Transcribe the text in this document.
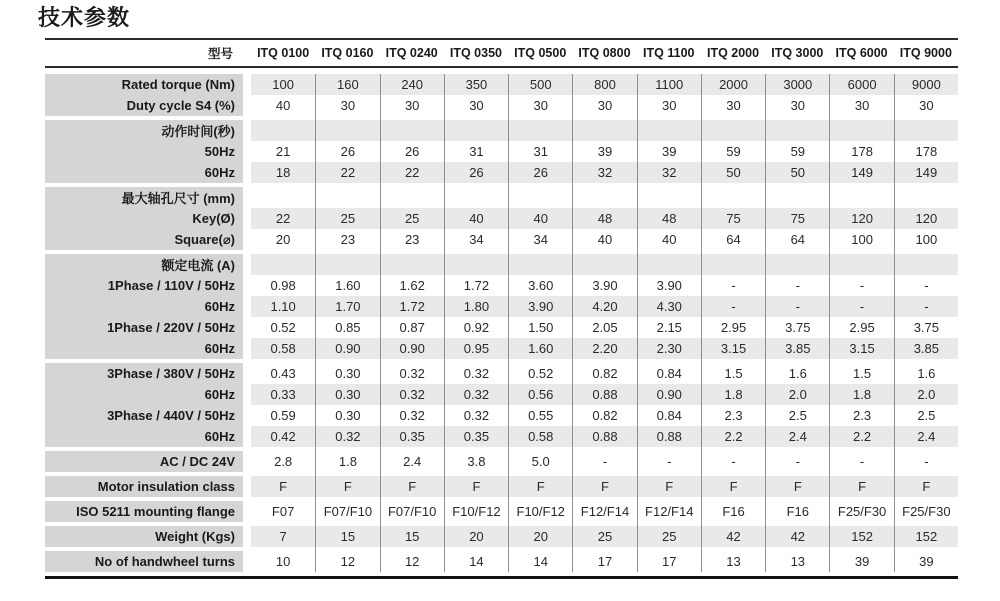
技术参数
型号	ITQ 0100 ITQ 0160 ITQ 0240 ITQ 0350 ITQ 0500 ITQ 0800	ITQ 1100 ITQ 2000 ITQ 3000 ITQ 6000 ITQ 9000
Rated torque (Nm)	100	160	240	350	500	800	1100	2000	3000	6000	9000
Duty cycle S4 (%)	40	30	30	30	30	30	30	30	30	30	30
动作时间(秒)
50Hz	21	26	26	31	31	39	39	59	59	178	178
60Hz	18	22	22	26	26	32	32	50	50	149	149
最大轴孔尺寸 (mm)
Key(Ø)	22	25	25	40	40	48	48	75	75	120	120
Square(⌀)	20	23	23	34	34	40	40	64	64	100	100
额定电流 (A)
1Phase / 110V / 50Hz	0.98	1.60	1.62	1.72	3.60	3.90	3.90	-	-	-	-
60Hz	1.10	1.70	1.72	1.80	3.90	4.20	4.30	-	-	-	-
1Phase / 220V / 50Hz	0.52	0.85	0.87	0.92	1.50	2.05	2.15	2.95	3.75	2.95	3.75
60Hz	0.58	0.90	0.90	0.95	1.60	2.20	2.30	3.15	3.85	3.15	3.85
3Phase / 380V / 50Hz	0.43	0.30	0.32	0.32	0.52	0.82	0.84	1.5	1.6	1.5	1.6
60Hz	0.33	0.30	0.32	0.32	0.56	0.88	0.90	1.8	2.0	1.8	2.0
3Phase / 440V / 50Hz	0.59	0.30	0.32	0.32	0.55	0.82	0.84	2.3	2.5	2.3	2.5
60Hz	0.42	0.32	0.35	0.35	0.58	0.88	0.88	2.2	2.4	2.2	2.4
AC / DC 24V	2.8	1.8	2.4	3.8	5.0	-	-	-	-	-	-
Motor insulation class	F	F	F	F	F	F	F	F	F	F	F
ISO 5211 mounting flange	F07	F07/F10	F07/F10	F10/F12	F10/F12	F12/F14	F12/F14	F16	F16	F25/F30	F25/F30
Weight (Kgs)	7	15	15	20	20	25	25	42	42	152	152
No of handwheel turns	10	12	12	14	14	17	17	13	13	39	39
